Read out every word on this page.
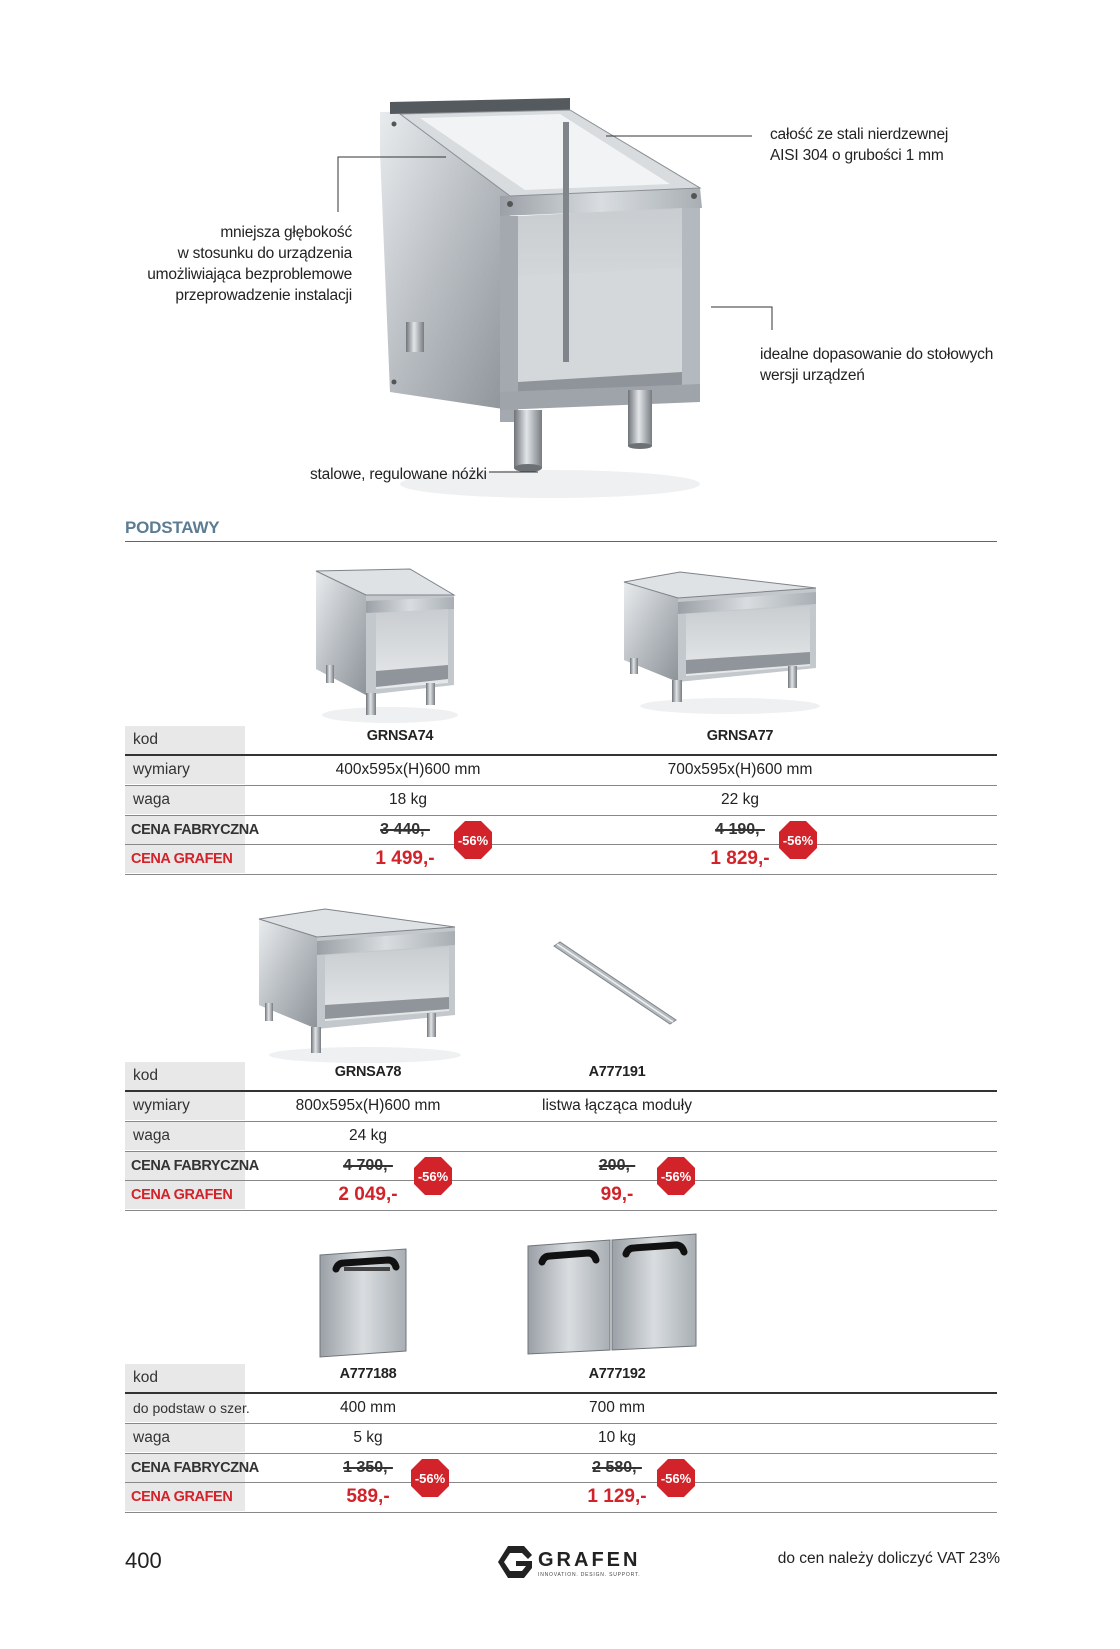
całość ze stali nierdzewnej
AISI 304 o grubości 1 mm
mniejsza głębokość
w stosunku do urządzenia
umożliwiająca bezproblemowe
przeprowadzenie instalacji
idealne dopasowanie do stołowych
wersji urządzeń
stalowe, regulowane nóżki
PODSTAWY
kod	GRNSA74	GRNSA77
wymiary	400x595x(H)600 mm	700x595x(H)600 mm
waga	18 kg	22 kg
CENA FABRYCZNA	3 440,-	4 190,-
CENA GRAFEN	1 499,-	1 829,-
-56%	-56%
kod	GRNSA78	A777191
wymiary	800x595x(H)600 mm	listwa łącząca moduły
waga	24 kg
CENA FABRYCZNA	4 700,-	200,-
CENA GRAFEN	2 049,-	99,-
-56%	-56%
kod	A777188	A777192
do podstaw o szer.	400 mm	700 mm
waga	5 kg	10 kg
CENA FABRYCZNA	1 350,-	2 580,-
CENA GRAFEN	589,-	1 129,-
-56%	-56%
400	GRAFEN
INNOVATION. DESIGN. SUPPORT.
do cen należy doliczyć VAT 23%
